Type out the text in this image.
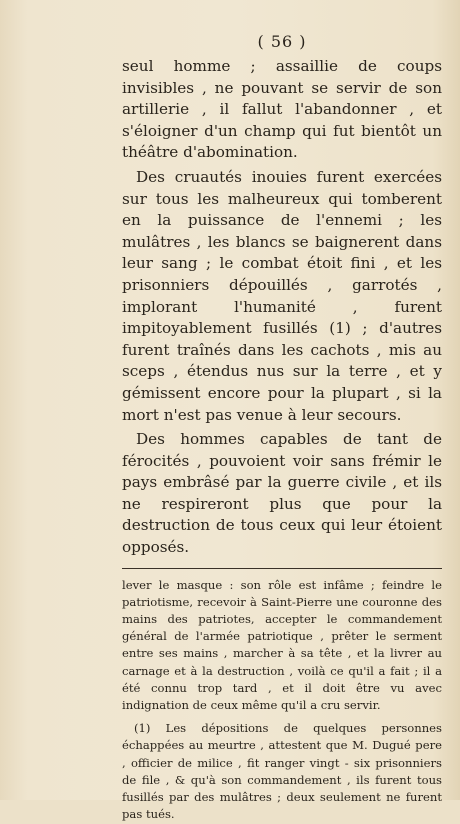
( 56 )

seul homme ; assaillie de coups invisibles , ne pouvant se servir de son artillerie , il fallut l'abandonner , et s'éloigner d'un champ qui fut bientôt un théâtre d'abomination.

Des cruautés inouies furent exercées sur tous les malheureux qui tomberent en la puissance de l'ennemi ; les mulâtres , les blancs se baignerent dans leur sang ; le combat étoit fini , et les prisonniers dépouillés , garrotés , implorant l'humanité , furent impitoyablement fusillés (1) ; d'autres furent traînés dans les cachots , mis au sceps , étendus nus sur la terre , et y gémissent encore pour la plupart , si la mort n'est pas venue à leur secours.

Des hommes capables de tant de férocités , pouvoient voir sans frémir le pays embrâsé par la guerre civile , et ils ne respireront plus que pour la destruction de tous ceux qui leur étoient opposés.

lever le masque : son rôle est infâme ; feindre le patriotisme, recevoir à Saint-Pierre une couronne des mains des patriotes, accepter le commandement général de l'armée patriotique , prêter le serment entre ses mains , marcher à sa tête , et la livrer au carnage et à la destruction , voilà ce qu'il a fait ; il a été connu trop tard , et il doit être vu avec indignation de ceux même qu'il a cru servir.

(1) Les dépositions de quelques personnes échappées au meurtre , attestent que M. Dugué pere , officier de milice , fit ranger vingt - six prisonniers de file , & qu'à son commandement , ils furent tous fusillés par des mulâtres ; deux seulement ne furent pas tués.
